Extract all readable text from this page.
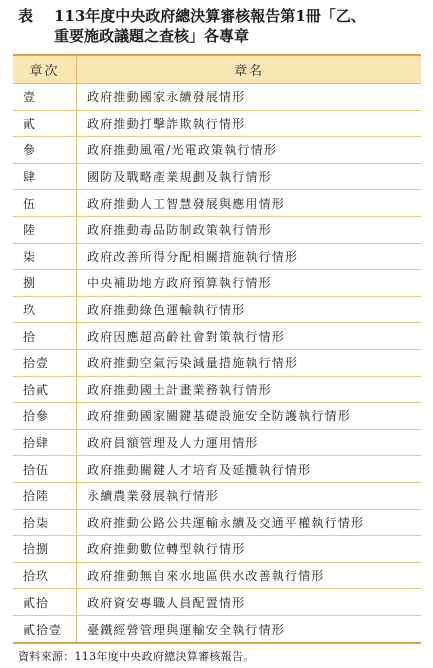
表 113年度中央政府總決算審核報告第1冊「乙、
重要施政議題之查核」各專章
章次	章名
壹	政府推動國家永續發展情形
貳	政府推動打擊詐欺執行情形
參	政府推動風電/光電政策執行情形
肆	國防及戰略產業規劃及執行情形
伍	政府推動人工智慧發展與應用情形
陸	政府推動毒品防制政策執行情形
柒	政府改善所得分配相關措施執行情形
捌	中央補助地方政府預算執行情形
玖	政府推動綠色運輸執行情形
拾	政府因應超高齡社會對策執行情形
拾壹	政府推動空氣污染減量措施執行情形
拾貳	政府推動國土計畫業務執行情形
拾參	政府推動國家關鍵基礎設施安全防護執行情形
拾肆	政府員額管理及人力運用情形
拾伍	政府推動關鍵人才培育及延攬執行情形
拾陸	永續農業發展執行情形
拾柒	政府推動公路公共運輸永續及交通平權執行情形
拾捌	政府推動數位轉型執行情形
拾玖	政府推動無自來水地區供水改善執行情形
貳拾	政府資安專職人員配置情形
貳拾壹	臺鐵經營管理與運輸安全執行情形
資料來源：113年度中央政府總決算審核報告。
